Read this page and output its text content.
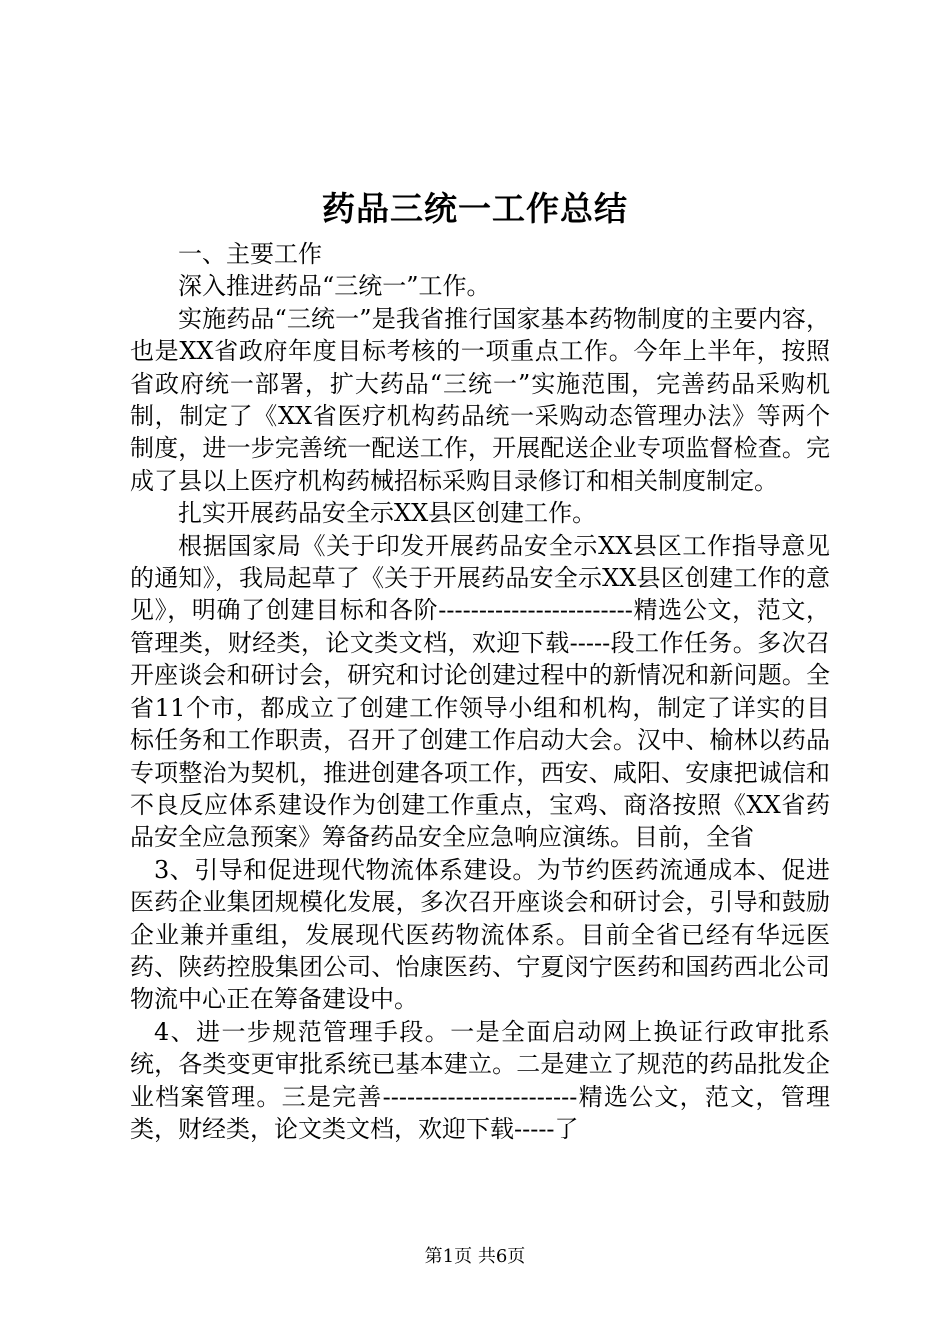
药品三统一工作总结

一、主要工作

深入推进药品“三统一”工作。

实施药品“三统一”是我省推行国家基本药物制度的主要内容，也是XX省政府年度目标考核的一项重点工作。今年上半年，按照省政府统一部署，扩大药品“三统一”实施范围，完善药品采购机制，制定了《XX省医疗机构药品统一采购动态管理办法》等两个制度，进一步完善统一配送工作，开展配送企业专项监督检查。完成了县以上医疗机构药械招标采购目录修订和相关制度制定。

扎实开展药品安全示XX县区创建工作。

根据国家局《关于印发开展药品安全示XX县区工作指导意见的通知》，我局起草了《关于开展药品安全示XX县区创建工作的意见》，明确了创建目标和各阶------------------------精选公文，范文，管理类，财经类，论文类文档，欢迎下载-----段工作任务。多次召开座谈会和研讨会，研究和讨论创建过程中的新情况和新问题。全省11个市，都成立了创建工作领导小组和机构，制定了详实的目标任务和工作职责，召开了创建工作启动大会。汉中、榆林以药品专项整治为契机，推进创建各项工作，西安、咸阳、安康把诚信和不良反应体系建设作为创建工作重点，宝鸡、商洛按照《XX省药品安全应急预案》筹备药品安全应急响应演练。目前，全省

3、引导和促进现代物流体系建设。为节约医药流通成本、促进医药企业集团规模化发展，多次召开座谈会和研讨会，引导和鼓励企业兼并重组，发展现代医药物流体系。目前全省已经有华远医药、陕药控股集团公司、怡康医药、宁夏闵宁医药和国药西北公司物流中心正在筹备建设中。

4、进一步规范管理手段。一是全面启动网上换证行政审批系统，各类变更审批系统已基本建立。二是建立了规范的药品批发企业档案管理。三是完善------------------------精选公文，范文，管理类，财经类，论文类文档，欢迎下载-----了

第1页 共6页
